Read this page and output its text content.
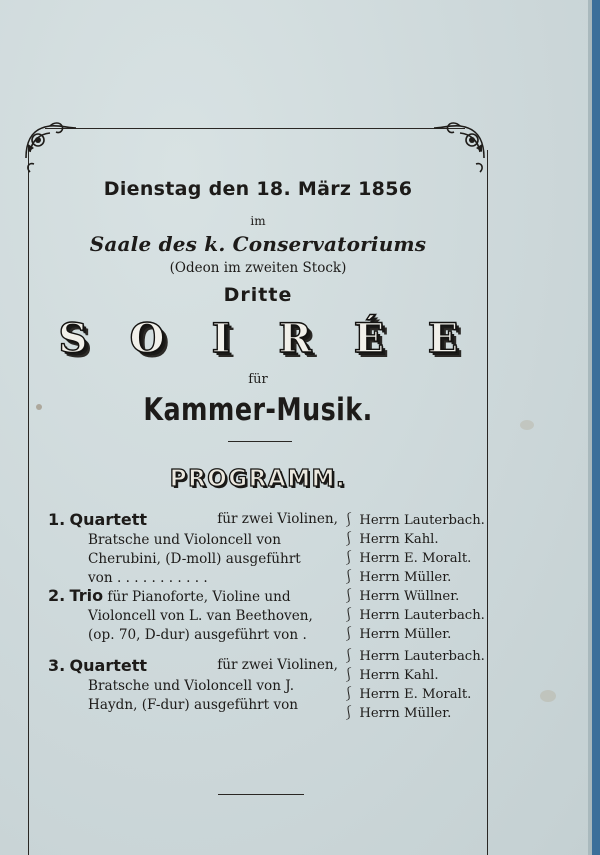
Dienstag den 18. März 1856
im
Saale des k. Conservatoriums
(Odeon im zweiten Stock)
Dritte
S O	I	R É E
für
Kammer-Musik.
PROGRAMM.
1. Quartett	für zwei Violinen,
Bratsche und Violoncell von
Cherubini, (D-moll) ausgeführt
von . . . . . . . . . . .
⎰ Herrn Lauterbach.
⎰ Herrn Kahl.
⎰ Herrn E. Moralt.
⎰ Herrn Müller.
2. Trio für Pianoforte, Violine und
Violoncell von L. van Beethoven,
(op. 70, D-dur) ausgeführt von .
⎰ Herrn Wüllner.
⎰ Herrn Lauterbach.
⎰ Herrn Müller.
3. Quartett	für zwei Violinen,
Bratsche und Violoncell von J.
Haydn, (F-dur) ausgeführt von
⎰ Herrn Lauterbach.
⎰ Herrn Kahl.
⎰ Herrn E. Moralt.
⎰ Herrn Müller.
